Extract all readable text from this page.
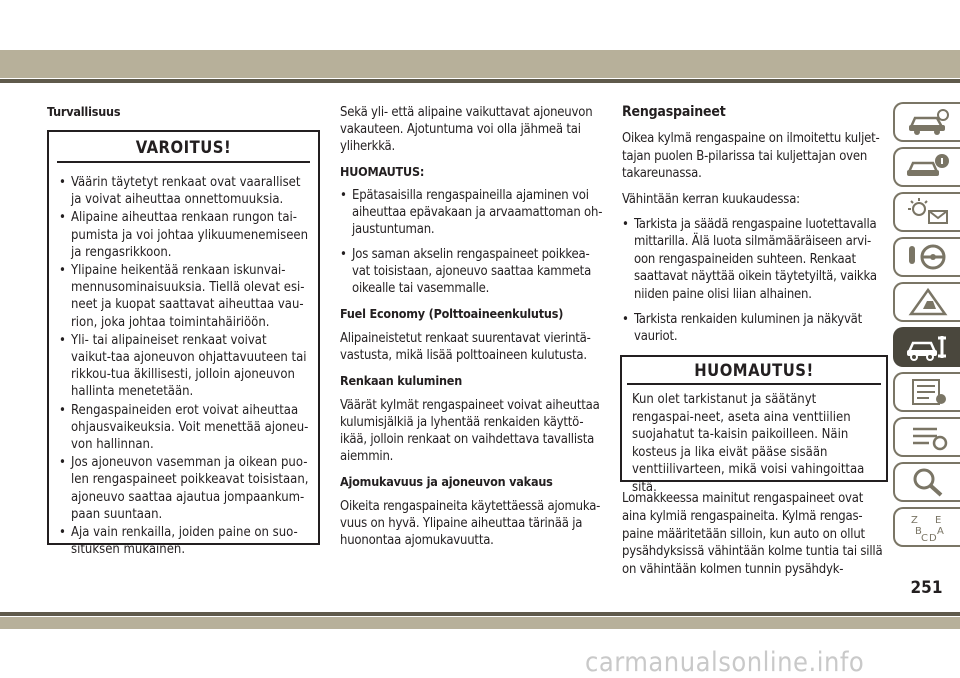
Turvallisuus
VAROITUS!
• Väärin täytetyt renkaat ovat vaaralliset ja voivat aiheuttaa onnettomuuksia.
• Alipaine aiheuttaa renkaan rungon tai-pumista ja voi johtaa ylikuumenemiseen ja rengasrikkoon.
• Ylipaine heikentää renkaan iskunvai-mennusominaisuuksia. Tiellä olevat esi-neet ja kuopat saattavat aiheuttaa vau-rion, joka johtaa toimintahäiriöön.
• Yli- tai alipaineiset renkaat voivat vaikut-taa ajoneuvon ohjattavuuteen tai rikkou-tua äkillisesti, jolloin ajoneuvon hallinta menetetään.
• Rengaspaineiden erot voivat aiheuttaa ohjausvaikeuksia. Voit menettää ajoneu-von hallinnan.
• Jos ajoneuvon vasemman ja oikean puo-len rengaspaineet poikkeavat toisistaan, ajoneuvo saattaa ajautua jompaankum-paan suuntaan.
• Aja vain renkailla, joiden paine on suo-situksen mukainen.

Sekä yli- että alipaine vaikuttavat ajoneuvon vakauteen. Ajotuntuma voi olla jähmeä tai yliherkkä.

HUOMAUTUS:

• Epätasaisilla rengaspaineilla ajaminen voi aiheuttaa epävakaan ja arvaamattoman oh-jaustuntuman.

• Jos saman akselin rengaspaineet poikkea-vat toisistaan, ajoneuvo saattaa kammeta oikealle tai vasemmalle.

Fuel Economy (Polttoaineenkulutus)

Alipaineistetut renkaat suurentavat vierintä-vastusta, mikä lisää polttoaineen kulutusta.

Renkaan kuluminen

Väärät kylmät rengaspaineet voivat aiheuttaa kulumisjälkiä ja lyhentää renkaiden käyttö-ikää, jolloin renkaat on vaihdettava tavallista aiemmin.

Ajomukavuus ja ajoneuvon vakaus

Oikeita rengaspaineita käytettäessä ajomuka-vuus on hyvä. Ylipaine aiheuttaa tärinää ja huonontaa ajomukavuutta.

Rengaspaineet

Oikea kylmä rengaspaine on ilmoitettu kuljet-tajan puolen B-pilarissa tai kuljettajan oven takareunassa.

Vähintään kerran kuukaudessa:

• Tarkista ja säädä rengaspaine luotettavalla mittarilla. Älä luota silmämääräiseen arvi-oon rengaspaineiden suhteen. Renkaat saattavat näyttää oikein täytetyiltä, vaikka niiden paine olisi liian alhainen.

• Tarkista renkaiden kuluminen ja näkyvät vauriot.

HUOMAUTUS!
Kun olet tarkistanut ja säätänyt rengaspai-neet, aseta aina venttiilien suojahatut ta-kaisin paikoilleen. Näin kosteus ja lika eivät pääse sisään venttiilivarteen, mikä voisi vahingoittaa sitä.

Lomakkeessa mainitut rengaspaineet ovat aina kylmiä rengaspaineita. Kylmä rengas-paine määritetään silloin, kun auto on ollut pysähdyksissä vähintään kolme tuntia tai sillä on vähintään kolmen tunnin pysähdyk-

Z E
B A
C D
251
carmanualsonline.info
